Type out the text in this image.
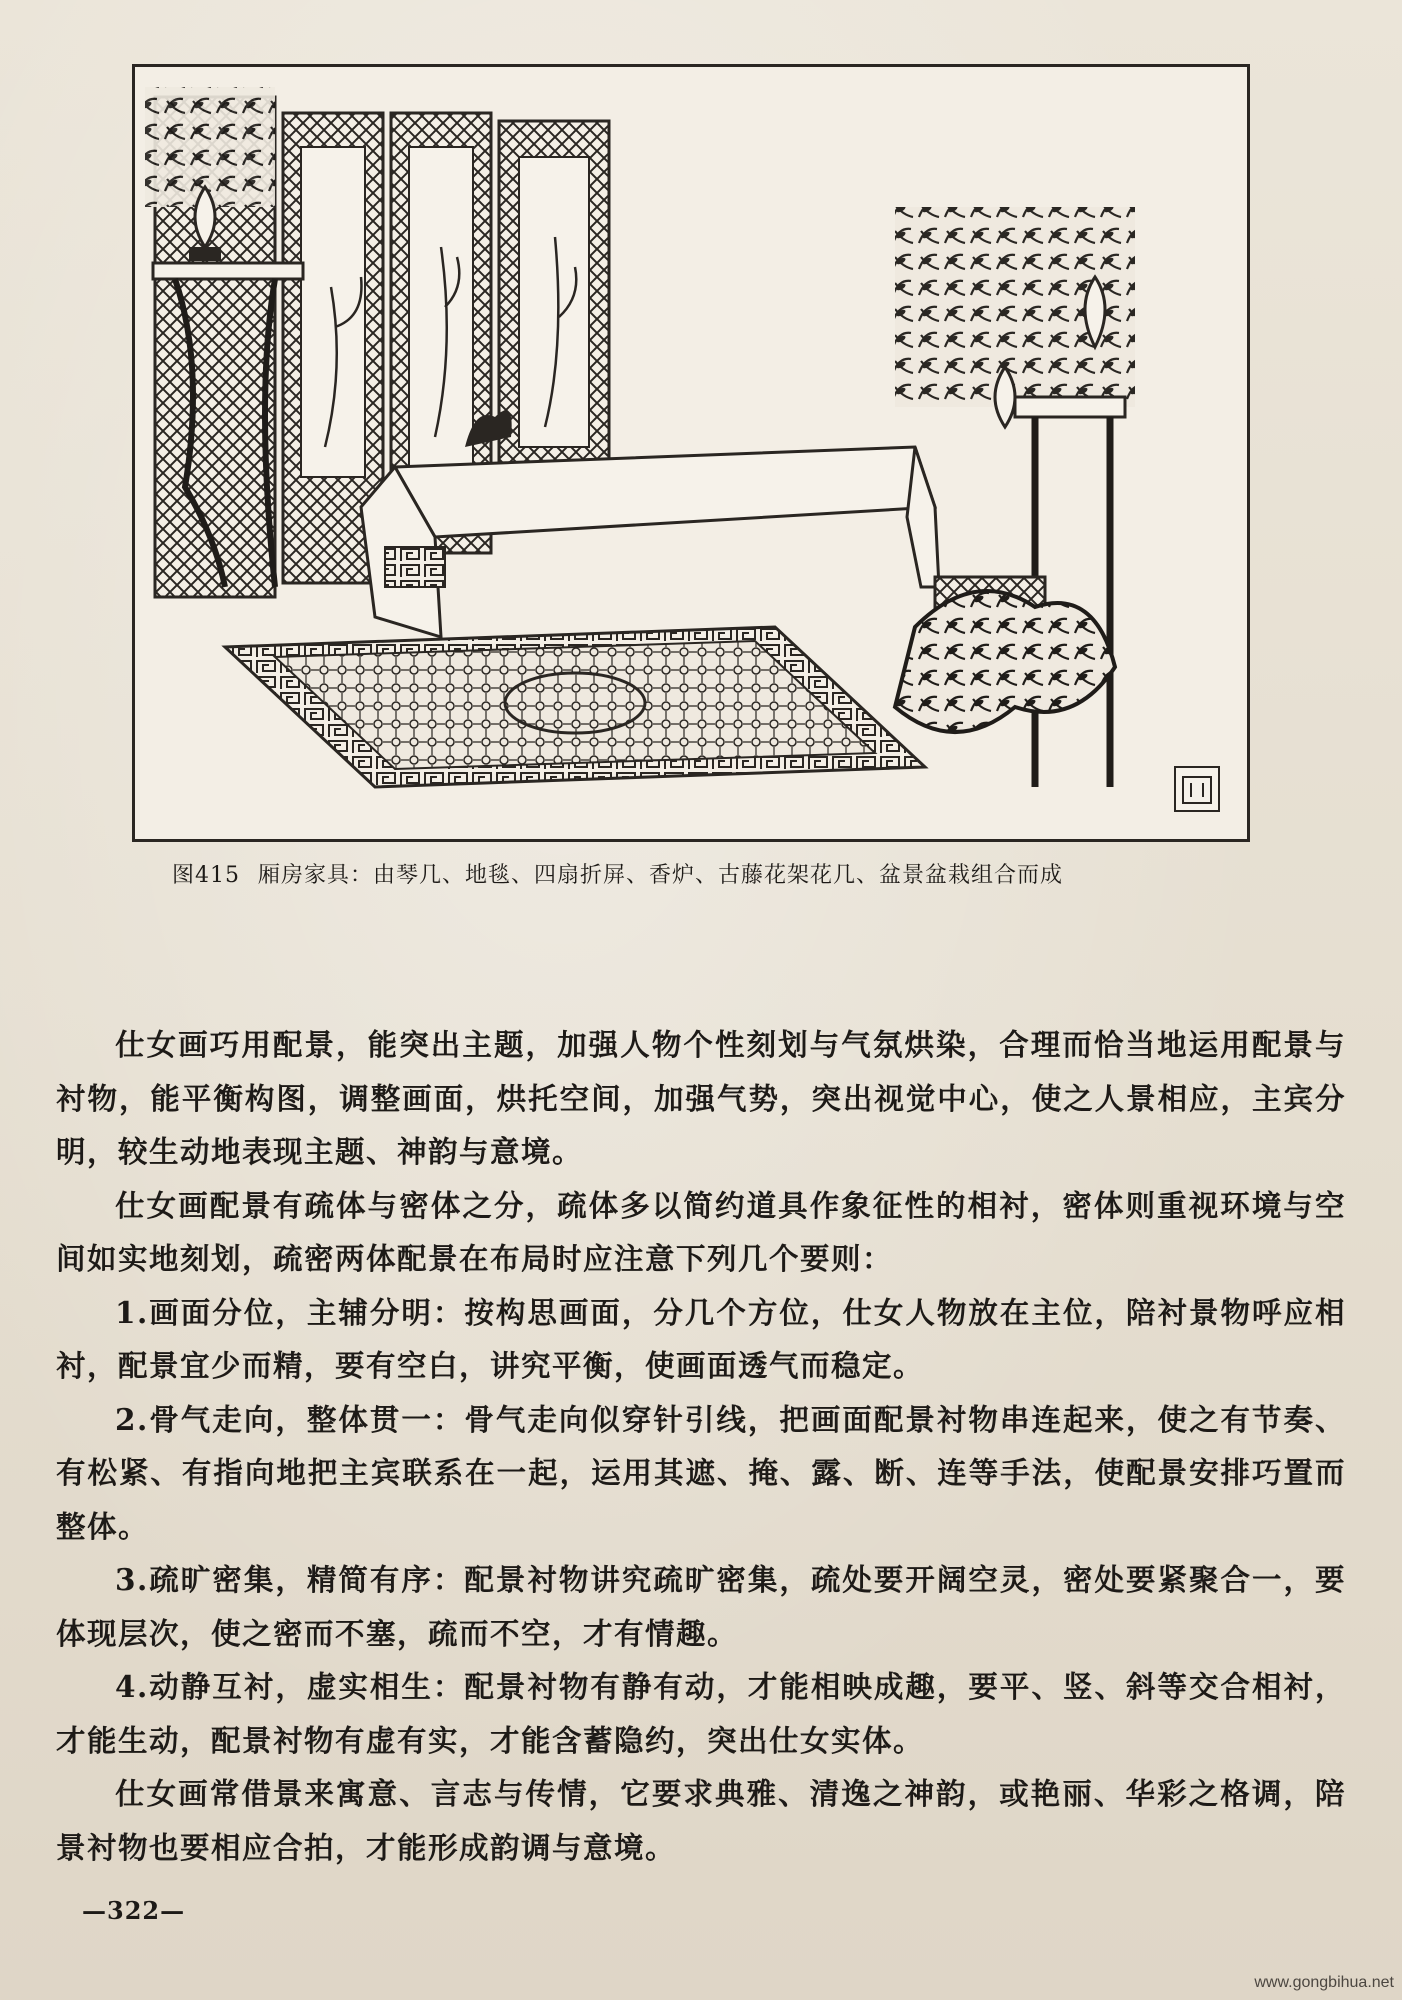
图415 厢房家具：由琴几、地毯、四扇折屏、香炉、古藤花架花几、盆景盆栽组合而成

仕女画巧用配景，能突出主题，加强人物个性刻划与气氛烘染，合理而恰当地运用配景与衬物，能平衡构图，调整画面，烘托空间，加强气势，突出视觉中心，使之人景相应，主宾分明，较生动地表现主题、神韵与意境。

仕女画配景有疏体与密体之分，疏体多以简约道具作象征性的相衬，密体则重视环境与空间如实地刻划，疏密两体配景在布局时应注意下列几个要则：

1.画面分位，主辅分明：按构思画面，分几个方位，仕女人物放在主位，陪衬景物呼应相衬，配景宜少而精，要有空白，讲究平衡，使画面透气而稳定。

2.骨气走向，整体贯一：骨气走向似穿针引线，把画面配景衬物串连起来，使之有节奏、有松紧、有指向地把主宾联系在一起，运用其遮、掩、露、断、连等手法，使配景安排巧置而整体。

3.疏旷密集，精简有序：配景衬物讲究疏旷密集，疏处要开阔空灵，密处要紧聚合一，要体现层次，使之密而不塞，疏而不空，才有情趣。

4.动静互衬，虚实相生：配景衬物有静有动，才能相映成趣，要平、竖、斜等交合相衬，才能生动，配景衬物有虚有实，才能含蓄隐约，突出仕女实体。

仕女画常借景来寓意、言志与传情，它要求典雅、清逸之神韵，或艳丽、华彩之格调，陪景衬物也要相应合拍，才能形成韵调与意境。

—322—
www.gongbihua.net
